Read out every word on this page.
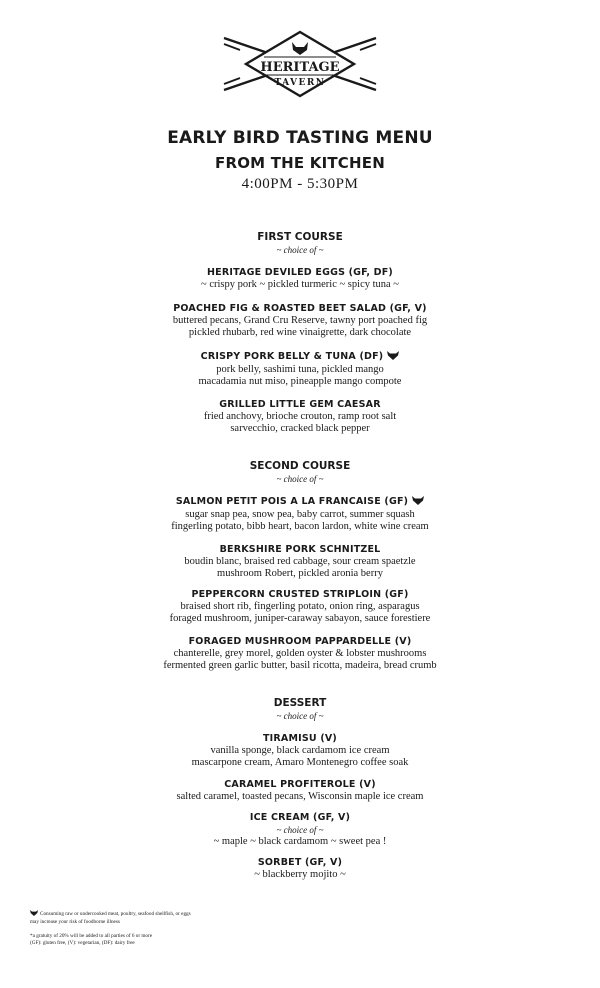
HERITAGE
TAVERN
EARLY BIRD TASTING MENU
FROM THE KITCHEN
4:00PM - 5:30PM
FIRST COURSE
~ choice of ~
HERITAGE DEVILED EGGS (GF, DF)
~ crispy pork ~ pickled turmeric ~ spicy tuna ~
POACHED FIG & ROASTED BEET SALAD (GF, V)
buttered pecans, Grand Cru Reserve, tawny port poached fig
pickled rhubarb, red wine vinaigrette, dark chocolate
CRISPY PORK BELLY & TUNA (DF)
pork belly, sashimi tuna, pickled mango
macadamia nut miso, pineapple mango compote
GRILLED LITTLE GEM CAESAR
fried anchovy, brioche crouton, ramp root salt
sarvecchio, cracked black pepper
SECOND COURSE
~ choice of ~
SALMON PETIT POIS A LA FRANCAISE (GF)
sugar snap pea, snow pea, baby carrot, summer squash
fingerling potato, bibb heart, bacon lardon, white wine cream
BERKSHIRE PORK SCHNITZEL
boudin blanc, braised red cabbage, sour cream spaetzle
mushroom Robert, pickled aronia berry
PEPPERCORN CRUSTED STRIPLOIN (GF)
braised short rib, fingerling potato, onion ring, asparagus
foraged mushroom, juniper-caraway sabayon, sauce forestiere
FORAGED MUSHROOM PAPPARDELLE (V)
chanterelle, grey morel, golden oyster & lobster mushrooms
fermented green garlic butter, basil ricotta, madeira, bread crumb
DESSERT
~ choice of ~
TIRAMISU (V)
vanilla sponge, black cardamom ice cream
mascarpone cream, Amaro Montenegro coffee soak
CARAMEL PROFITEROLE (V)
salted caramel, toasted pecans, Wisconsin maple ice cream
ICE CREAM (GF, V)
~ choice of ~
~ maple ~ black cardamom ~ sweet pea !
SORBET (GF, V)
~ blackberry mojito ~
Consuming raw or undercooked meat, poultry, seafood shellfish, or eggs may increase your risk of foodborne illness
*a gratuity of 20% will be added to all parties of 6 or more
(GF): gluten free, (V): vegetarian, (DF): dairy free
